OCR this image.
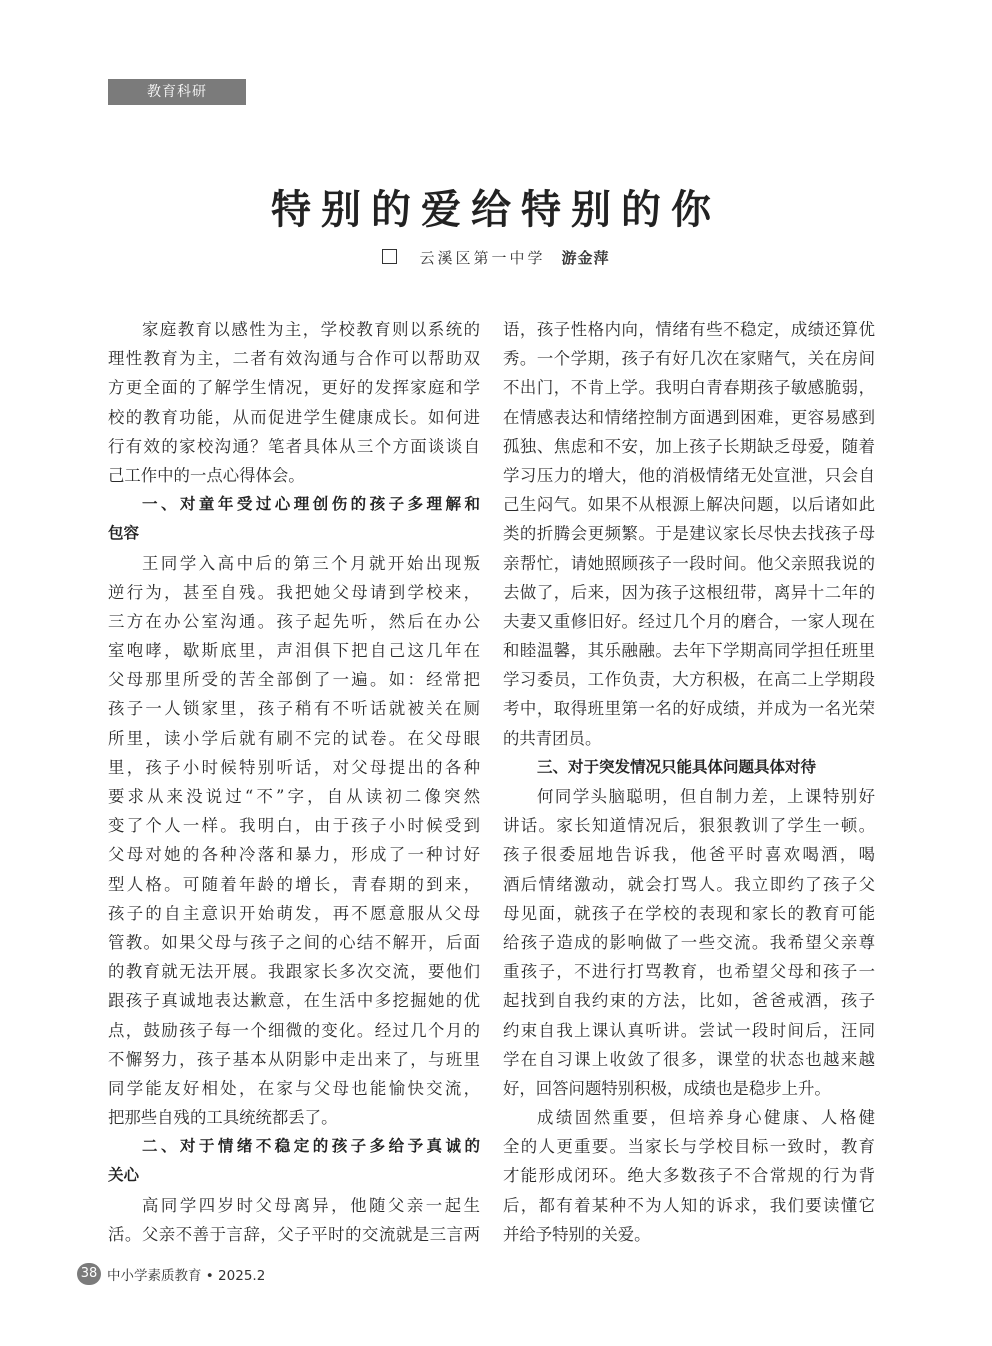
教育科研
特别的爱给特别的你
云溪区第一中学 游金萍
家庭教育以感性为主，学校教育则以系统的
理性教育为主，二者有效沟通与合作可以帮助双
方更全面的了解学生情况，更好的发挥家庭和学
校的教育功能，从而促进学生健康成长。如何进
行有效的家校沟通？笔者具体从三个方面谈谈自
己工作中的一点心得体会。
一、对童年受过心理创伤的孩子多理解和
包容
王同学入高中后的第三个月就开始出现叛
逆行为，甚至自残。我把她父母请到学校来，
三方在办公室沟通。孩子起先听，然后在办公
室咆哮，歇斯底里，声泪俱下把自己这几年在
父母那里所受的苦全部倒了一遍。如：经常把
孩子一人锁家里，孩子稍有不听话就被关在厕
所里，读小学后就有刷不完的试卷。在父母眼
里，孩子小时候特别听话，对父母提出的各种
要求从来没说过“不”字，自从读初二像突然
变了个人一样。我明白，由于孩子小时候受到
父母对她的各种冷落和暴力，形成了一种讨好
型人格。可随着年龄的增长，青春期的到来，
孩子的自主意识开始萌发，再不愿意服从父母
管教。如果父母与孩子之间的心结不解开，后面
的教育就无法开展。我跟家长多次交流，要他们
跟孩子真诚地表达歉意，在生活中多挖掘她的优
点，鼓励孩子每一个细微的变化。经过几个月的
不懈努力，孩子基本从阴影中走出来了，与班里
同学能友好相处，在家与父母也能愉快交流，
把那些自残的工具统统都丢了。
二、对于情绪不稳定的孩子多给予真诚的
关心
高同学四岁时父母离异，他随父亲一起生
活。父亲不善于言辞，父子平时的交流就是三言两
语，孩子性格内向，情绪有些不稳定，成绩还算优
秀。一个学期，孩子有好几次在家赌气，关在房间
不出门，不肯上学。我明白青春期孩子敏感脆弱，
在情感表达和情绪控制方面遇到困难，更容易感到
孤独、焦虑和不安，加上孩子长期缺乏母爱，随着
学习压力的增大，他的消极情绪无处宣泄，只会自
己生闷气。如果不从根源上解决问题，以后诸如此
类的折腾会更频繁。于是建议家长尽快去找孩子母
亲帮忙，请她照顾孩子一段时间。他父亲照我说的
去做了，后来，因为孩子这根纽带，离异十二年的
夫妻又重修旧好。经过几个月的磨合，一家人现在
和睦温馨，其乐融融。去年下学期高同学担任班里
学习委员，工作负责，大方积极，在高二上学期段
考中，取得班里第一名的好成绩，并成为一名光荣
的共青团员。
三、对于突发情况只能具体问题具体对待
何同学头脑聪明，但自制力差，上课特别好
讲话。家长知道情况后，狠狠教训了学生一顿。
孩子很委屈地告诉我，他爸平时喜欢喝酒，喝
酒后情绪激动，就会打骂人。我立即约了孩子父
母见面，就孩子在学校的表现和家长的教育可能
给孩子造成的影响做了一些交流。我希望父亲尊
重孩子，不进行打骂教育，也希望父母和孩子一
起找到自我约束的方法，比如，爸爸戒酒，孩子
约束自我上课认真听讲。尝试一段时间后，汪同
学在自习课上收敛了很多，课堂的状态也越来越
好，回答问题特别积极，成绩也是稳步上升。
成绩固然重要，但培养身心健康、人格健
全的人更重要。当家长与学校目标一致时，教育
才能形成闭环。绝大多数孩子不合常规的行为背
后，都有着某种不为人知的诉求，我们要读懂它
并给予特别的关爱。
38 中小学素质教育 • 2025.2
